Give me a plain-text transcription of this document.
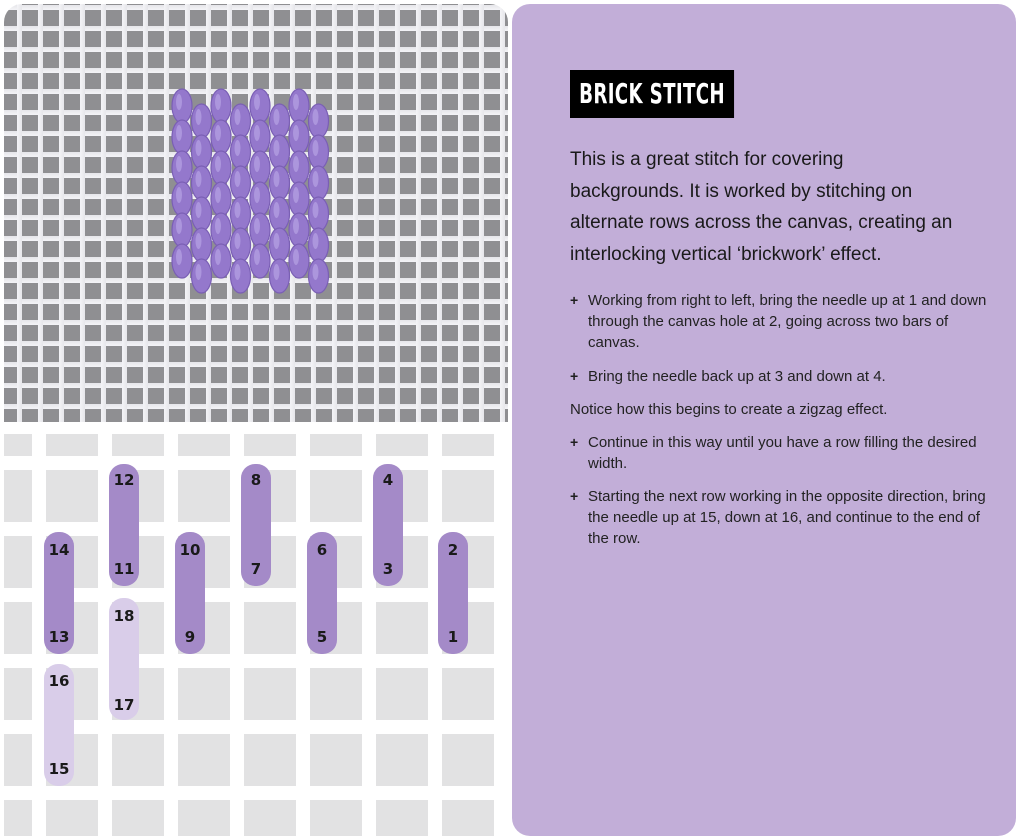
1
2
3
4
5
6
7
8
9
10
11
12
13
14
15
16
17
18
BRICK STITCH

This is a great stitch for covering backgrounds. It is worked by stitching on alternate rows across the canvas, creating an interlocking vertical ‘brickwork’ effect.

+ Working from right to left, bring the needle up at 1 and down through the canvas hole at 2, going across two bars of canvas.
+ Bring the needle back up at 3 and down at 4.
Notice how this begins to create a zigzag effect.
+ Continue in this way until you have a row filling the desired width.
+ Starting the next row working in the opposite direction, bring the needle up at 15, down at 16, and continue to the end of the row.
